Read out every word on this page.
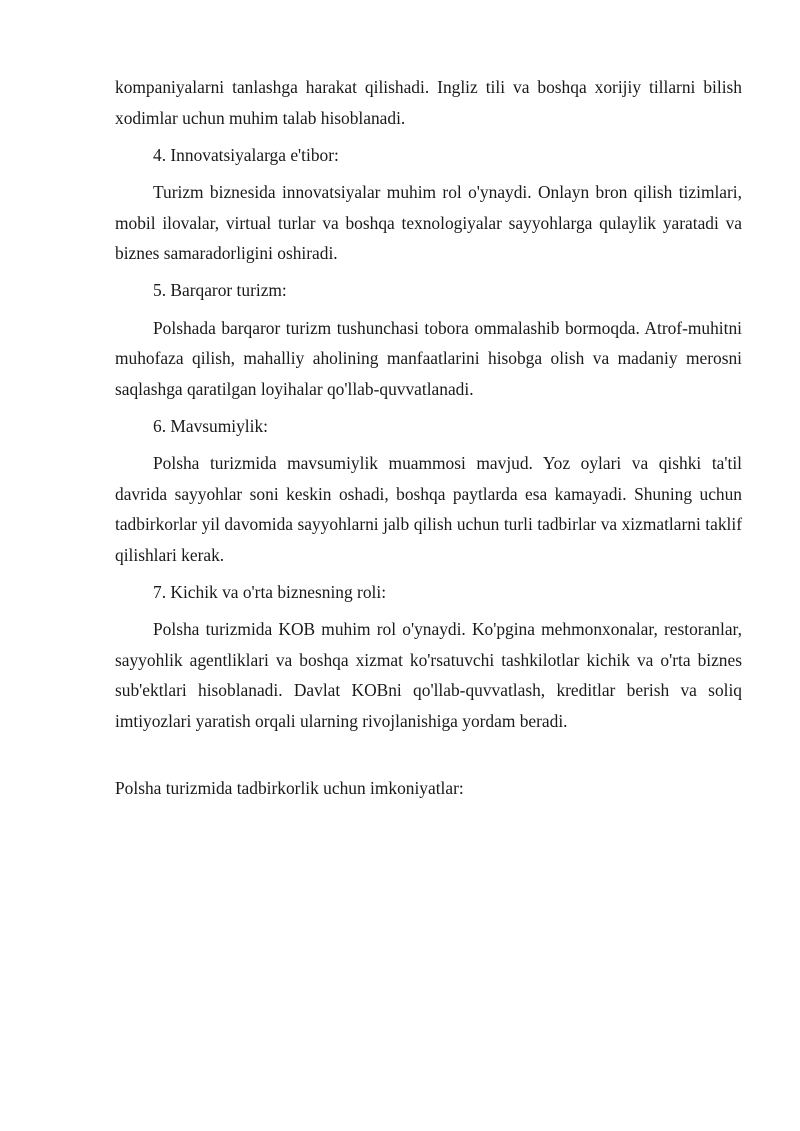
kompaniyalarni tanlashga harakat qilishadi. Ingliz tili va boshqa xorijiy tillarni bilish xodimlar uchun muhim talab hisoblanadi.

4. Innovatsiyalarga e'tibor:

Turizm biznesida innovatsiyalar muhim rol o'ynaydi. Onlayn bron qilish tizimlari, mobil ilovalar, virtual turlar va boshqa texnologiyalar sayyohlarga qulaylik yaratadi va biznes samaradorligini oshiradi.

5. Barqaror turizm:

Polshada barqaror turizm tushunchasi tobora ommalashib bormoqda. Atrof-muhitni muhofaza qilish, mahalliy aholining manfaatlarini hisobga olish va madaniy merosni saqlashga qaratilgan loyihalar qo'llab-quvvatlanadi.

6. Mavsumiylik:

Polsha turizmida mavsumiylik muammosi mavjud. Yoz oylari va qishki ta'til davrida sayyohlar soni keskin oshadi, boshqa paytlarda esa kamayadi. Shuning uchun tadbirkorlar yil davomida sayyohlarni jalb qilish uchun turli tadbirlar va xizmatlarni taklif qilishlari kerak.

7. Kichik va o'rta biznesning roli:

Polsha turizmida KOB muhim rol o'ynaydi. Ko'pgina mehmonxonalar, restoranlar, sayyohlik agentliklari va boshqa xizmat ko'rsatuvchi tashkilotlar kichik va o'rta biznes sub'ektlari hisoblanadi. Davlat KOBni qo'llab-quvvatlash, kreditlar berish va soliq imtiyozlari yaratish orqali ularning rivojlanishiga yordam beradi.

Polsha turizmida tadbirkorlik uchun imkoniyatlar:
